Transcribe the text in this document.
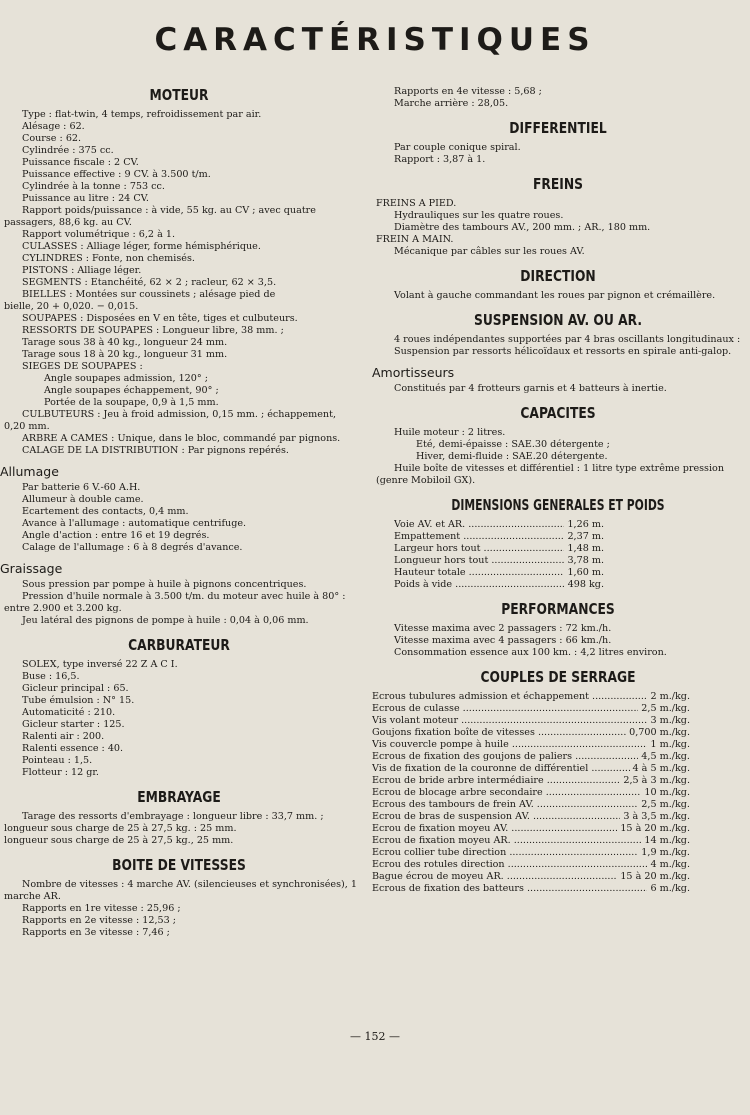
CARACTÉRISTIQUES
MOTEUR
Type : flat-twin, 4 temps, refroidissement par air.
Alésage : 62.
Course : 62.
Cylindrée : 375 cc.
Puissance fiscale : 2 CV.
Puissance effective : 9 CV. à 3.500 t/m.
Cylindrée à la tonne : 753 cc.
Puissance au litre : 24 CV.
Rapport poids/puissance : à vide, 55 kg. au CV ; avec quatre passagers, 88,6 kg. au CV.
Rapport volumétrique : 6,2 à 1.
CULASSES : Alliage léger, forme hémisphérique.
CYLINDRES : Fonte, non chemisés.
PISTONS : Alliage léger.
SEGMENTS : Etanchéité, 62 × 2 ; racleur, 62 × 3,5.
BIELLES : Montées sur coussinets ; alésage pied de
bielle, 20 + 0,020. − 0,015.
SOUPAPES : Disposées en V en tête, tiges et culbuteurs.
RESSORTS DE SOUPAPES : Longueur libre, 38 mm. ;
Tarage sous 38 à 40 kg., longueur 24 mm.
Tarage sous 18 à 20 kg., longueur 31 mm.
SIEGES DE SOUPAPES :
Angle soupapes admission, 120° ;
Angle soupapes échappement, 90° ;
Portée de la soupape, 0,9 à 1,5 mm.
CULBUTEURS : Jeu à froid admission, 0,15 mm. ; échappement, 0,20 mm.
ARBRE A CAMES : Unique, dans le bloc, commandé par pignons.
CALAGE DE LA DISTRIBUTION : Par pignons repérés.
Allumage
Par batterie 6 V.-60 A.H.
Allumeur à double came.
Ecartement des contacts, 0,4 mm.
Avance à l'allumage : automatique centrifuge.
Angle d'action : entre 16 et 19 degrés.
Calage de l'allumage : 6 à 8 degrés d'avance.
Graissage
Sous pression par pompe à huile à pignons concentriques.
Pression d'huile normale à 3.500 t/m. du moteur avec huile à 80° : entre 2.900 et 3.200 kg.
Jeu latéral des pignons de pompe à huile : 0,04 à 0,06 mm.
CARBURATEUR
SOLEX, type inversé 22 Z A C I.
Buse : 16,5.
Gicleur principal : 65.
Tube émulsion : N° 15.
Automaticité : 210.
Gicleur starter : 125.
Ralenti air : 200.
Ralenti essence : 40.
Pointeau : 1,5.
Flotteur : 12 gr.
EMBRAYAGE
Tarage des ressorts d'embrayage : longueur libre : 33,7 mm. ;
longueur sous charge de 25 à 27,5 kg. : 25 mm.
longueur sous charge de 25 à 27,5 kg., 25 mm.
BOITE DE VITESSES
Nombre de vitesses : 4 marche AV. (silencieuses et synchronisées), 1 marche AR.
Rapports en 1re vitesse : 25,96 ;
Rapports en 2e vitesse : 12,53 ;
Rapports en 3e vitesse : 7,46 ;
Rapports en 4e vitesse : 5,68 ;
Marche arrière : 28,05.
DIFFERENTIEL
Par couple conique spiral.
Rapport : 3,87 à 1.
FREINS
FREINS A PIED.
Hydrauliques sur les quatre roues.
Diamètre des tambours AV., 200 mm. ; AR., 180 mm.
FREIN A MAIN.
Mécanique par câbles sur les roues AV.
DIRECTION
Volant à gauche commandant les roues par pignon et crémaillère.
SUSPENSION AV. OU AR.
4 roues indépendantes supportées par 4 bras oscillants longitudinaux :
Suspension par ressorts hélicoïdaux et ressorts en spirale anti-galop.
Amortisseurs
Constitués par 4 frotteurs garnis et 4 batteurs à inertie.
CAPACITES
Huile moteur : 2 litres.
Eté, demi-épaisse : SAE.30 détergente ;
Hiver, demi-fluide : SAE.20 détergente.
Huile boîte de vitesses et différentiel : 1 litre type extrême pression (genre Mobiloil GX).
DIMENSIONS GENERALES ET POIDS
Voie AV. et AR. .....	1,26 m.
Empattement .....	2,37 m.
Largeur hors tout .....	1,48 m.
Longueur hors tout .....	3,78 m.
Hauteur totale .....	1,60 m.
Poids à vide .....	498 kg.
PERFORMANCES
Vitesse maxima avec 2 passagers : 72 km./h.
Vitesse maxima avec 4 passagers : 66 km./h.
Consommation essence aux 100 km. : 4,2 litres environ.
COUPLES DE SERRAGE
Ecrous tubulures admission et échappement .....	2 m./kg.
Ecrous de culasse .....	2,5 m./kg.
Vis volant moteur .....	3 m./kg.
Goujons fixation boîte de vitesses .....	0,700 m./kg.
Vis couvercle pompe à huile .....	1 m./kg.
Ecrous de fixation des goujons de paliers .....	4,5 m./kg.
Vis de fixation de la couronne de différentiel .....	4 à 5 m./kg.
Ecrou de bride arbre intermédiaire .....	2,5 à 3 m./kg.
Ecrou de blocage arbre secondaire .....	10 m./kg.
Ecrous des tambours de frein AV. .....	2,5 m./kg.
Ecrou de bras de suspension AV. .....	3 à 3,5 m./kg.
Ecrou de fixation moyeu AV. .....	15 à 20 m./kg.
Ecrou de fixation moyeu AR. .....	14 m./kg.
Ecrou collier tube direction .....	1,9 m./kg.
Ecrou des rotules direction .....	4 m./kg.
Bague écrou de moyeu AR. .....	15 à 20 m./kg.
Ecrous de fixation des batteurs .....	6 m./kg.
— 152 —
